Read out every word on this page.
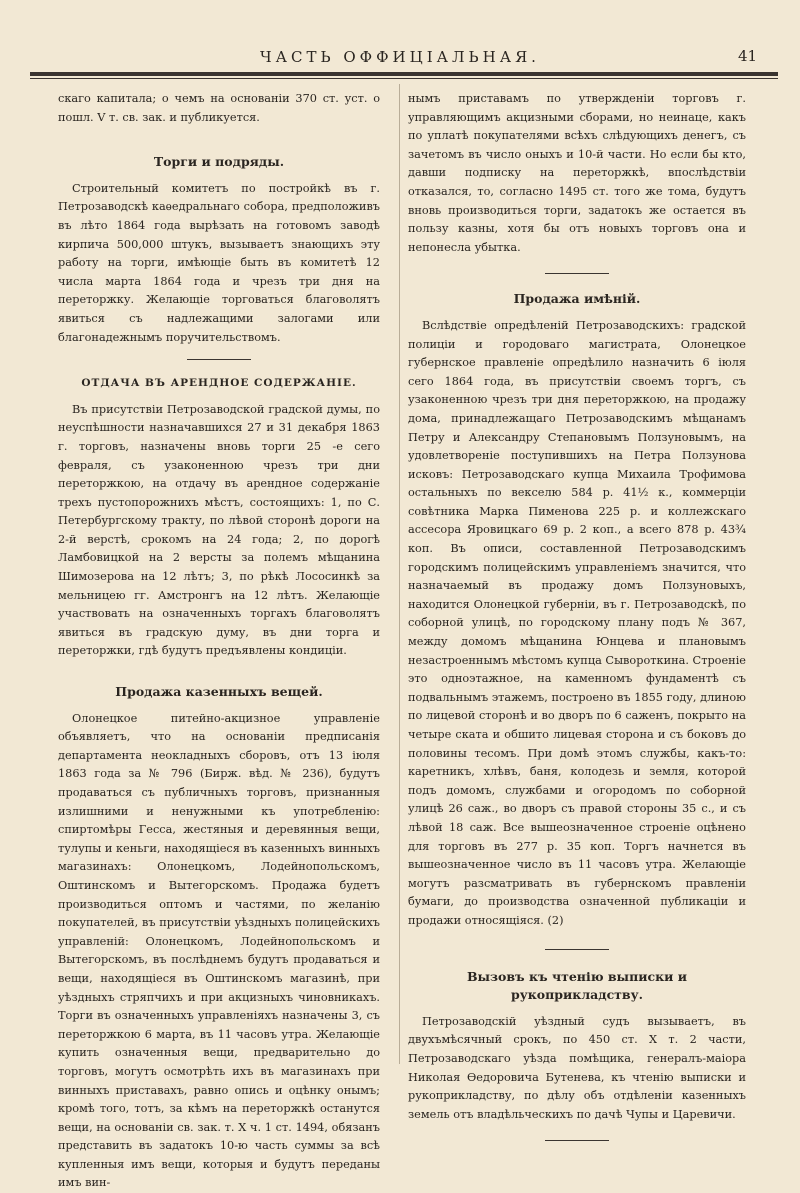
ЧАСТЬ ОФФИЦІАЛЬНАЯ.	41

скаго капитала; о чемъ на основаніи 370 ст. уст. о пошл. V т. св. зак. и публикуется.

Торги и подряды.

Строительный комитетъ по постройкѣ въ г. Петрозаводскѣ каѳедральнаго собора, предположивъ въ лѣто 1864 года вырѣзать на готовомъ заводѣ кирпича 500,000 штукъ, вызываетъ знающихъ эту работу на торги, имѣющіе быть въ комитетѣ 12 числа марта 1864 года и чрезъ три дня на переторжку. Желающіе торговаться благоволятъ явиться съ надлежащими залогами или благонадежнымъ поручительствомъ.

ОТДАЧА ВЪ АРЕНДНОЕ СОДЕРЖАНІЕ.

Въ присутствіи Петрозаводской градской думы, по неуспѣшности назначавшихся 27 и 31 декабря 1863 г. торговъ, назначены вновь торги 25 -е сего февраля, съ узаконенною чрезъ три дни переторжкою, на отдачу въ арендное содержаніе трехъ пустопорожнихъ мѣстъ, состоящихъ: 1, по С. Петербургскому тракту, по лѣвой сторонѣ дороги на 2-й верстѣ, срокомъ на 24 года; 2, по дорогѣ Ламбовицкой на 2 версты за полемъ мѣщанина Шимозерова на 12 лѣтъ; 3, по рѣкѣ Лососинкѣ за мельницею гг. Амстронгъ на 12 лѣтъ. Желающіе участвовать на означенныхъ торгахъ благоволятъ явиться въ градскую думу, въ дни торга и переторжки, гдѣ будутъ предъявлены кондиціи.

Продажа казенныхъ вещей.

Олонецкое питейно-акцизное управленіе объявляетъ, что на основаніи предписанія департамента неокладныхъ сборовъ, отъ 13 іюля 1863 года за № 796 (Бирж. вѣд. № 236), будутъ продаваться съ публичныхъ торговъ, признанныя излишними и ненужными къ употребленію: спиртомѣры Гесса, жестяныя и деревянныя вещи, тулупы и кеньги, находящіеся въ казенныхъ винныхъ магазинахъ: Олонецкомъ, Лодейнопольскомъ, Оштинскомъ и Вытегорскомъ. Продажа будетъ производиться оптомъ и частями, по желанію покупателей, въ присутствіи уѣздныхъ полицейскихъ управленій: Олонецкомъ, Лодейнопольскомъ и Вытегорскомъ, въ послѣднемъ будутъ продаваться и вещи, находящіеся въ Оштинскомъ магазинѣ, при уѣздныхъ стряпчихъ и при акцизныхъ чиновникахъ. Торги въ означенныхъ управленіяхъ назначены 3, съ переторжкою 6 марта, въ 11 часовъ утра. Желающіе купить означенныя вещи, предварительно до торговъ, могутъ осмотрѣть ихъ въ магазинахъ при винныхъ приставахъ, равно опись и оцѣнку онымъ; кромѣ того, тотъ, за кѣмъ на переторжкѣ останутся вещи, на основаніи св. зак. т. Х ч. 1 ст. 1494, обязанъ представить въ задатокъ 10-ю часть суммы за всѣ купленныя имъ вещи, которыя и будутъ переданы имъ вин-

нымъ приставамъ по утвержденіи торговъ г. управляющимъ акцизными сборами, но неинаце, какъ по уплатѣ покупателями всѣхъ слѣдующихъ денегъ, съ зачетомъ въ число оныхъ и 10-й части. Но если бы кто, давши подписку на переторжкѣ, впослѣдствіи отказался, то, согласно 1495 ст. того же тома, будутъ вновь производиться торги, задатокъ же остается въ пользу казны, хотя бы отъ новыхъ торговъ она и непонесла убытка.

Продажа имѣній.

Вслѣдствіе опредѣленій Петрозаводскихъ: градской полиціи и городоваго магистрата, Олонецкое губернское правленіе опредѣлило назначить 6 іюля сего 1864 года, въ присутствіи своемъ торгъ, съ узаконенною чрезъ три дня переторжкою, на продажу дома, принадлежащаго Петрозаводскимъ мѣщанамъ Петру и Александру Степановымъ Ползуновымъ, на удовлетвореніе поступившихъ на Петра Ползунова исковъ: Петрозаводскаго купца Михаила Трофимова остальныхъ по векселю 584 р. 41½ к., коммерціи совѣтника Марка Пименова 225 р. и коллежскаго ассесора Яровицкаго 69 р. 2 коп., а всего 878 р. 43¾ коп. Въ описи, составленной Петрозаводскимъ городскимъ полицейскимъ управленіемъ значится, что назначаемый въ продажу домъ Ползуновыхъ, находится Олонецкой губерніи, въ г. Петрозаводскѣ, по соборной улицѣ, по городскому плану подъ № 367, между домомъ мѣщанина Юнцева и плановымъ незастроеннымъ мѣстомъ купца Сывороткина. Строеніе это одноэтажное, на каменномъ фундаментѣ съ подвальнымъ этажемъ, построено въ 1855 году, длиною по лицевой сторонѣ и во дворъ по 6 саженъ, покрыто на четыре ската и обшито лицевая сторона и съ боковъ до половины тесомъ. При домѣ этомъ службы, какъ-то: каретникъ, хлѣвъ, баня, колодезь и земля, которой подъ домомъ, службами и огородомъ по соборной улицѣ 26 саж., во дворъ съ правой стороны 35 с., и съ лѣвой 18 саж. Все вышеозначенное строеніе оцѣнено для торговъ въ 277 р. 35 коп. Торгъ начнется въ вышеозначенное число въ 11 часовъ утра. Желающіе могутъ разсматривать въ губернскомъ правленіи бумаги, до производства означенной публикаціи и продажи относящіяся. (2)

Вызовъ къ чтенію выписки и рукоприкладству.

Петрозаводскій уѣздный судъ вызываетъ, въ двухъмѣсячный срокъ, по 450 ст. Х т. 2 части, Петрозаводскаго уѣзда помѣщика, генералъ-маіора Николая Ѳедоровича Бутенева, къ чтенію выписки и рукоприкладству, по дѣлу объ отдѣленіи казенныхъ земель отъ владѣльческихъ по дачѣ Чупы и Царевичи.
